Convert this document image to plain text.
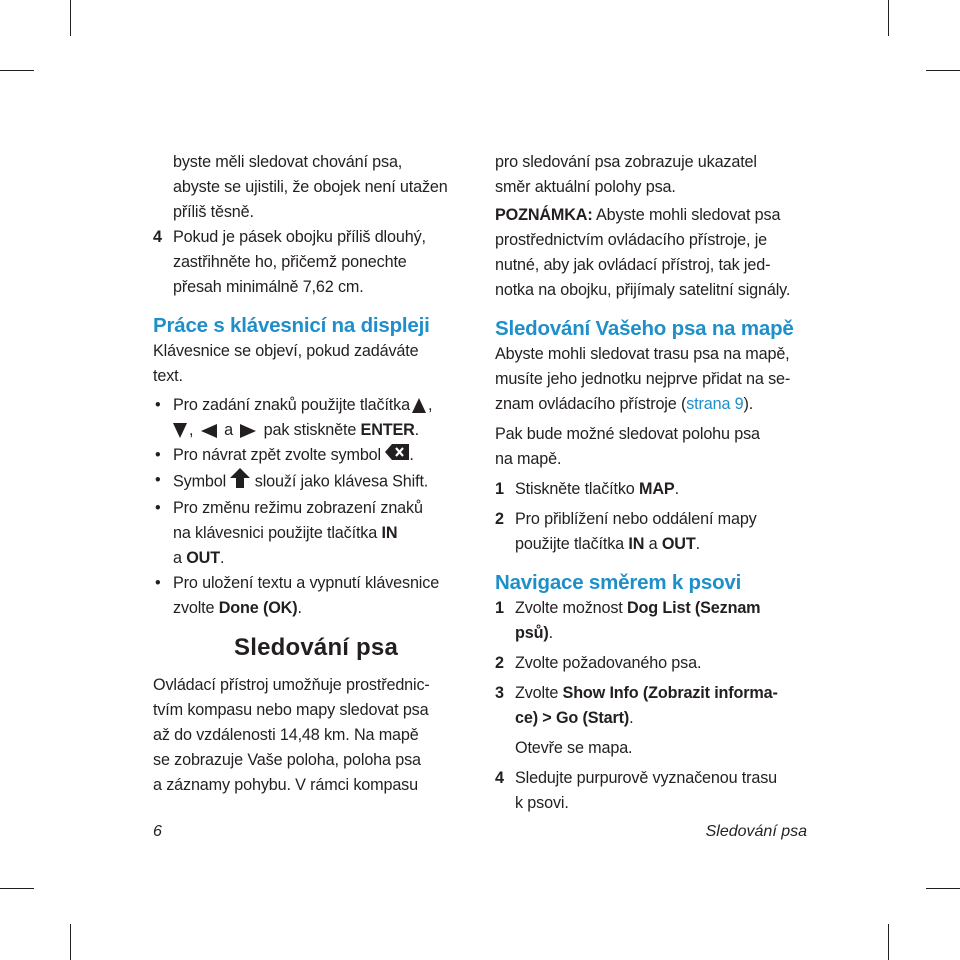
byste měli sledovat chování psa,
abyste se ujistili, že obojek není utažen
příliš těsně.

4 Pokud je pásek obojku příliš dlouhý,
zastřihněte ho, přičemž ponechte
přesah minimálně 7,62 cm.

Práce s klávesnicí na displeji

Klávesnice se objeví, pokud zadáváte
text.

• Pro zadání znaků použijte tlačítka ,
, a pak stiskněte ENTER.

• Pro návrat zpět zvolte symbol .

• Symbol slouží jako klávesa Shift.

• Pro změnu režimu zobrazení znaků
na klávesnici použijte tlačítka IN
a OUT.

• Pro uložení textu a vypnutí klávesnice
zvolte Done (OK).

Sledování psa

Ovládací přístroj umožňuje prostřednic-
tvím kompasu nebo mapy sledovat psa
až do vzdálenosti 14,48 km. Na mapě
se zobrazuje Vaše poloha, poloha psa
a záznamy pohybu. V rámci kompasu

pro sledování psa zobrazuje ukazatel
směr aktuální polohy psa.

POZNÁMKA: Abyste mohli sledovat psa
prostřednictvím ovládacího přístroje, je
nutné, aby jak ovládací přístroj, tak jed-
notka na obojku, přijímaly satelitní signály.

Sledování Vašeho psa na mapě

Abyste mohli sledovat trasu psa na mapě,
musíte jeho jednotku nejprve přidat na se-
znam ovládacího přístroje (strana 9).

Pak bude možné sledovat polohu psa
na mapě.

1 Stiskněte tlačítko MAP.

2 Pro přiblížení nebo oddálení mapy
použijte tlačítka IN a OUT.

Navigace směrem k psovi

1 Zvolte možnost Dog List (Seznam
psů).

2 Zvolte požadovaného psa.

3 Zvolte Show Info (Zobrazit informa-
ce) > Go (Start).

Otevře se mapa.

4 Sledujte purpurově vyznačenou trasu
k psovi.

6	Sledování psa
